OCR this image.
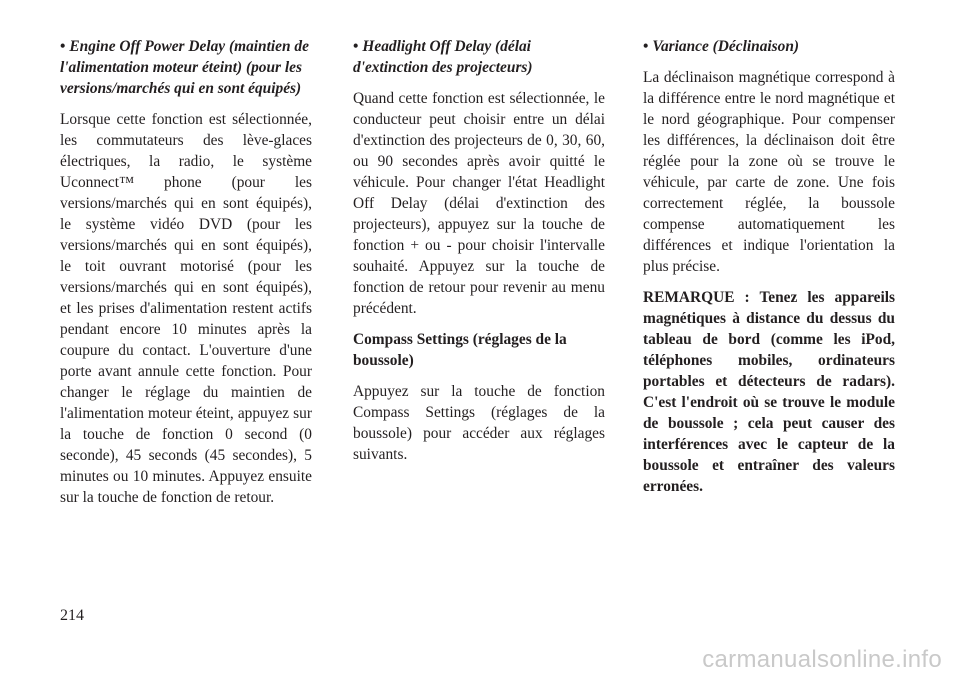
• Engine Off Power Delay (maintien de l'alimentation moteur éteint) (pour les versions/marchés qui en sont équipés)

Lorsque cette fonction est sélectionnée, les commutateurs des lève-glaces électriques, la radio, le système Uconnect™ phone (pour les versions/marchés qui en sont équipés), le système vidéo DVD (pour les versions/marchés qui en sont équipés), le toit ouvrant motorisé (pour les versions/marchés qui en sont équipés), et les prises d'alimentation restent actifs pendant encore 10 minutes après la coupure du contact. L'ouverture d'une porte avant annule cette fonction. Pour changer le réglage du maintien de l'alimentation moteur éteint, appuyez sur la touche de fonction 0 second (0 seconde), 45 seconds (45 secondes), 5 minutes ou 10 minutes. Appuyez ensuite sur la touche de fonction de retour.

• Headlight Off Delay (délai d'extinction des projecteurs)

Quand cette fonction est sélectionnée, le conducteur peut choisir entre un délai d'extinction des projecteurs de 0, 30, 60, ou 90 secondes après avoir quitté le véhicule. Pour changer l'état Headlight Off Delay (délai d'extinction des projecteurs), appuyez sur la touche de fonction + ou - pour choisir l'intervalle souhaité. Appuyez sur la touche de fonction de retour pour revenir au menu précédent.

Compass Settings (réglages de la boussole)

Appuyez sur la touche de fonction Compass Settings (réglages de la boussole) pour accéder aux réglages suivants.

• Variance (Déclinaison)

La déclinaison magnétique correspond à la différence entre le nord magnétique et le nord géographique. Pour compenser les différences, la déclinaison doit être réglée pour la zone où se trouve le véhicule, par carte de zone. Une fois correctement réglée, la boussole compense automatiquement les différences et indique l'orientation la plus précise.

REMARQUE : Tenez les appareils magnétiques à distance du dessus du tableau de bord (comme les iPod, téléphones mobiles, ordinateurs portables et détecteurs de radars). C'est l'endroit où se trouve le module de boussole ; cela peut causer des interférences avec le capteur de la boussole et entraîner des valeurs erronées.

214
carmanualsonline.info
